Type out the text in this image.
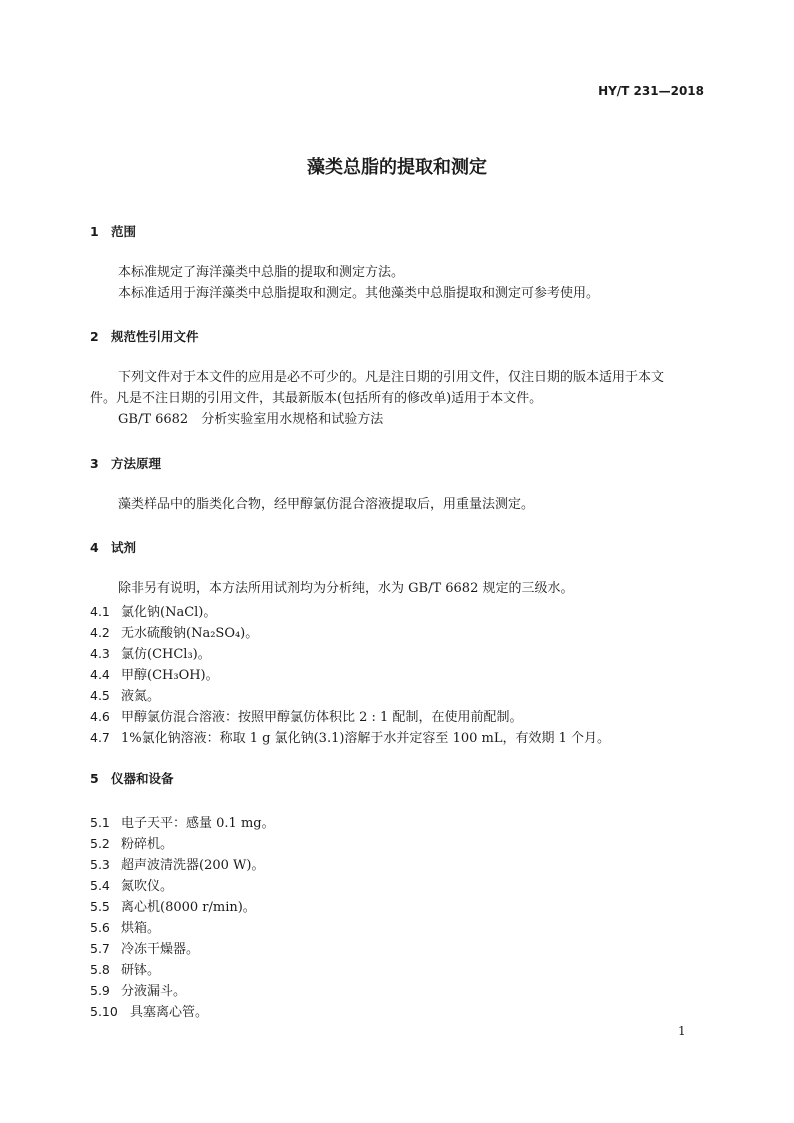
HY/T 231—2018
藻类总脂的提取和测定
1 范围
本标准规定了海洋藻类中总脂的提取和测定方法。
本标准适用于海洋藻类中总脂提取和测定。其他藻类中总脂提取和测定可参考使用。
2 规范性引用文件
下列文件对于本文件的应用是必不可少的。凡是注日期的引用文件，仅注日期的版本适用于本文
件。凡是不注日期的引用文件，其最新版本(包括所有的修改单)适用于本文件。
GB/T 6682　分析实验室用水规格和试验方法
3 方法原理
藻类样品中的脂类化合物，经甲醇氯仿混合溶液提取后，用重量法测定。
4 试剂
除非另有说明，本方法所用试剂均为分析纯，水为 GB/T 6682 规定的三级水。
4.1 氯化钠(NaCl)。
4.2 无水硫酸钠(Na₂SO₄)。
4.3 氯仿(CHCl₃)。
4.4 甲醇(CH₃OH)。
4.5 液氮。
4.6 甲醇氯仿混合溶液：按照甲醇氯仿体积比 2 : 1 配制，在使用前配制。
4.7 1%氯化钠溶液：称取 1 g 氯化钠(3.1)溶解于水并定容至 100 mL，有效期 1 个月。
5 仪器和设备
5.1 电子天平：感量 0.1 mg。
5.2 粉碎机。
5.3 超声波清洗器(200 W)。
5.4 氮吹仪。
5.5 离心机(8000 r/min)。
5.6 烘箱。
5.7 冷冻干燥器。
5.8 研钵。
5.9 分液漏斗。
5.10 具塞离心管。
1
